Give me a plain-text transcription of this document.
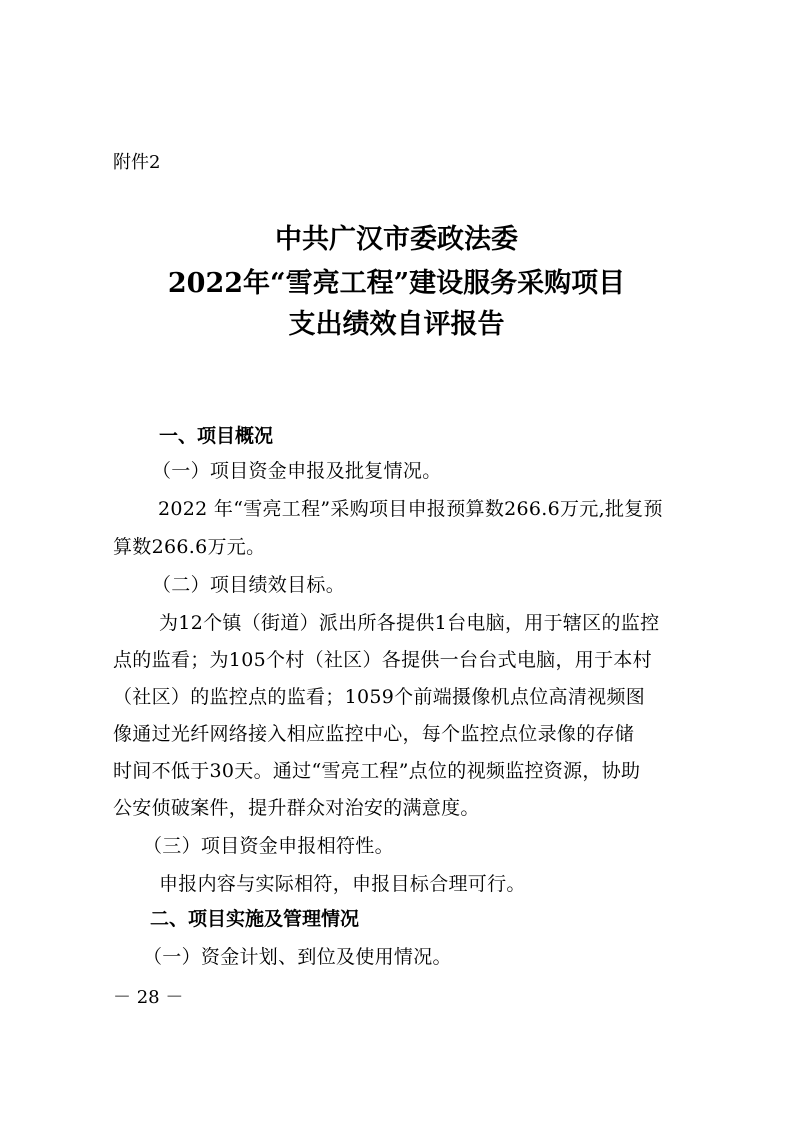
附件2
中共广汉市委政法委
2022年“雪亮工程”建设服务采购项目
支出绩效自评报告
一、项目概况
（一）项目资金申报及批复情况。
2022 年“雪亮工程”采购项目申报预算数266.6万元,批复预
算数266.6万元。
（二）项目绩效目标。
为12个镇（街道）派出所各提供1台电脑，用于辖区的监控
点的监看；为105个村（社区）各提供一台台式电脑，用于本村
（社区）的监控点的监看；1059个前端摄像机点位高清视频图
像通过光纤网络接入相应监控中心，每个监控点位录像的存储
时间不低于30天。通过“雪亮工程”点位的视频监控资源，协助
公安侦破案件，提升群众对治安的满意度。
（三）项目资金申报相符性。
申报内容与实际相符，申报目标合理可行。
二、项目实施及管理情况
（一）资金计划、到位及使用情况。
－ 28 －
